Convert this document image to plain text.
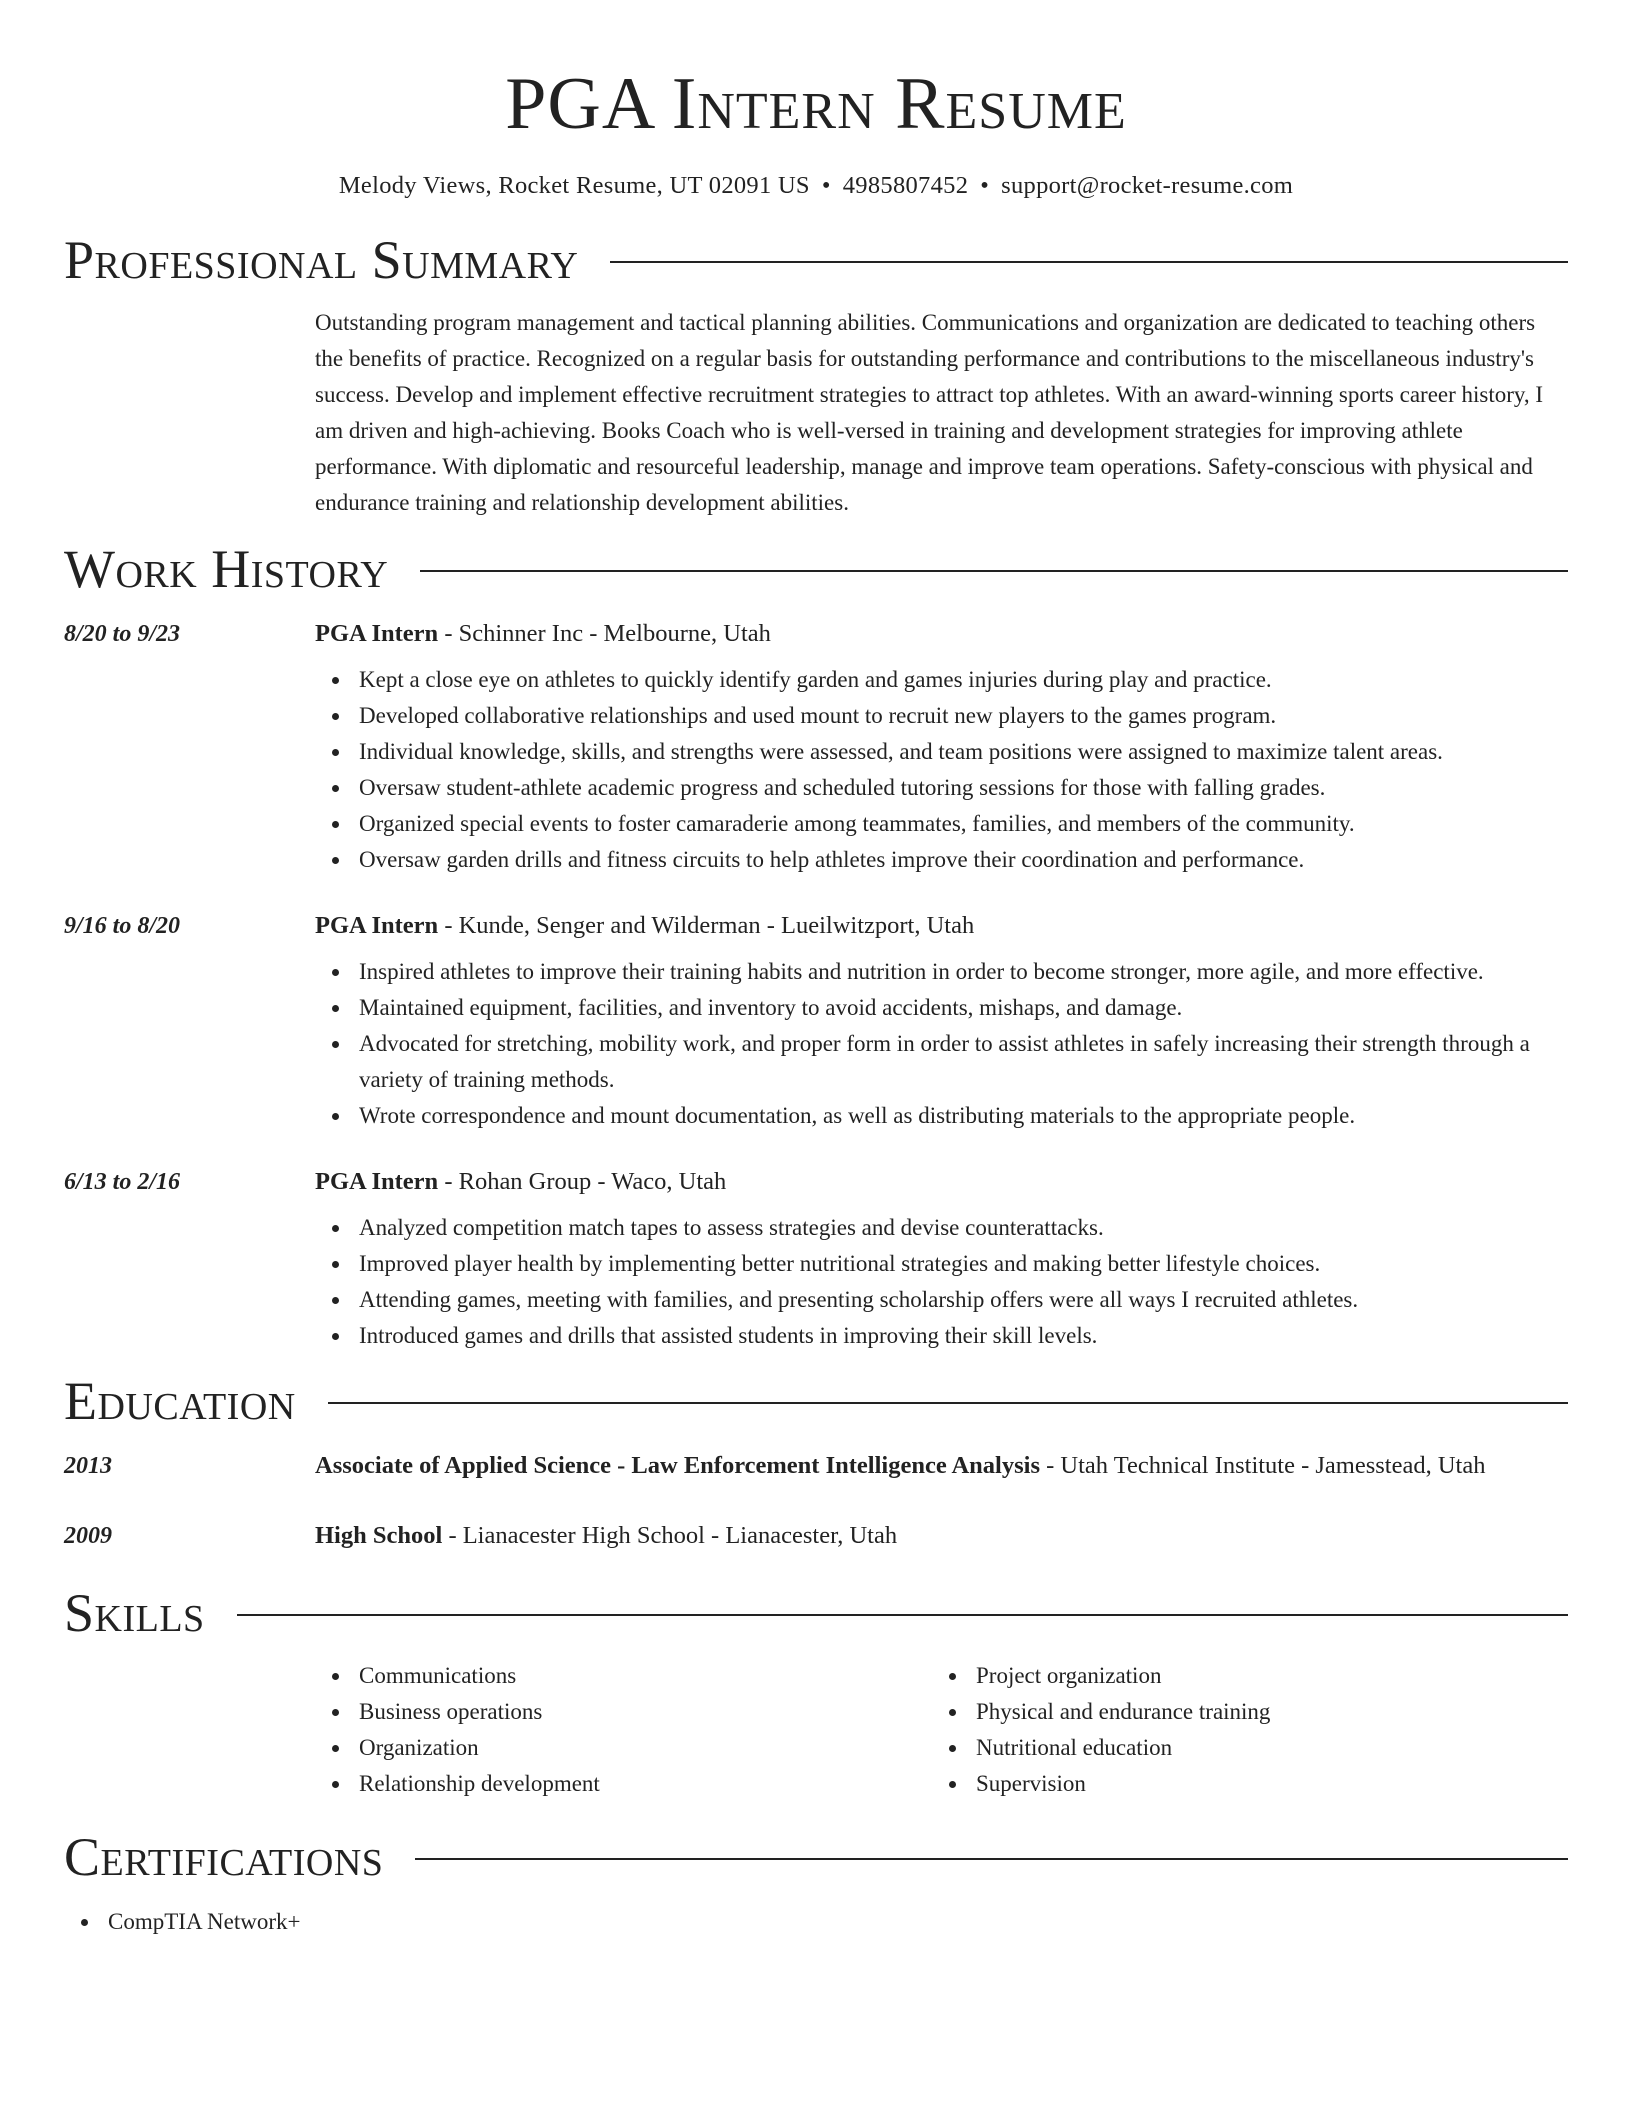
PGA Intern Resume
Melody Views, Rocket Resume, UT 02091 US • 4985807452 • support@rocket-resume.com
Professional Summary
Outstanding program management and tactical planning abilities. Communications and organization are dedicated to teaching others the benefits of practice. Recognized on a regular basis for outstanding performance and contributions to the miscellaneous industry's success. Develop and implement effective recruitment strategies to attract top athletes. With an award-winning sports career history, I am driven and high-achieving. Books Coach who is well-versed in training and development strategies for improving athlete performance. With diplomatic and resourceful leadership, manage and improve team operations. Safety-conscious with physical and endurance training and relationship development abilities.
Work History
8/20 to 9/23	PGA Intern - Schinner Inc - Melbourne, Utah
Kept a close eye on athletes to quickly identify garden and games injuries during play and practice.
Developed collaborative relationships and used mount to recruit new players to the games program.
Individual knowledge, skills, and strengths were assessed, and team positions were assigned to maximize talent areas.
Oversaw student-athlete academic progress and scheduled tutoring sessions for those with falling grades.
Organized special events to foster camaraderie among teammates, families, and members of the community.
Oversaw garden drills and fitness circuits to help athletes improve their coordination and performance.
9/16 to 8/20	PGA Intern - Kunde, Senger and Wilderman - Lueilwitzport, Utah
Inspired athletes to improve their training habits and nutrition in order to become stronger, more agile, and more effective.
Maintained equipment, facilities, and inventory to avoid accidents, mishaps, and damage.
Advocated for stretching, mobility work, and proper form in order to assist athletes in safely increasing their strength through a variety of training methods.
Wrote correspondence and mount documentation, as well as distributing materials to the appropriate people.
6/13 to 2/16	PGA Intern - Rohan Group - Waco, Utah
Analyzed competition match tapes to assess strategies and devise counterattacks.
Improved player health by implementing better nutritional strategies and making better lifestyle choices.
Attending games, meeting with families, and presenting scholarship offers were all ways I recruited athletes.
Introduced games and drills that assisted students in improving their skill levels.
Education
2013	Associate of Applied Science - Law Enforcement Intelligence Analysis - Utah Technical Institute - Jamesstead, Utah
2009	High School - Lianacester High School - Lianacester, Utah
Skills
Communications
Business operations
Organization
Relationship development
Project organization
Physical and endurance training
Nutritional education
Supervision
Certifications
CompTIA Network+
